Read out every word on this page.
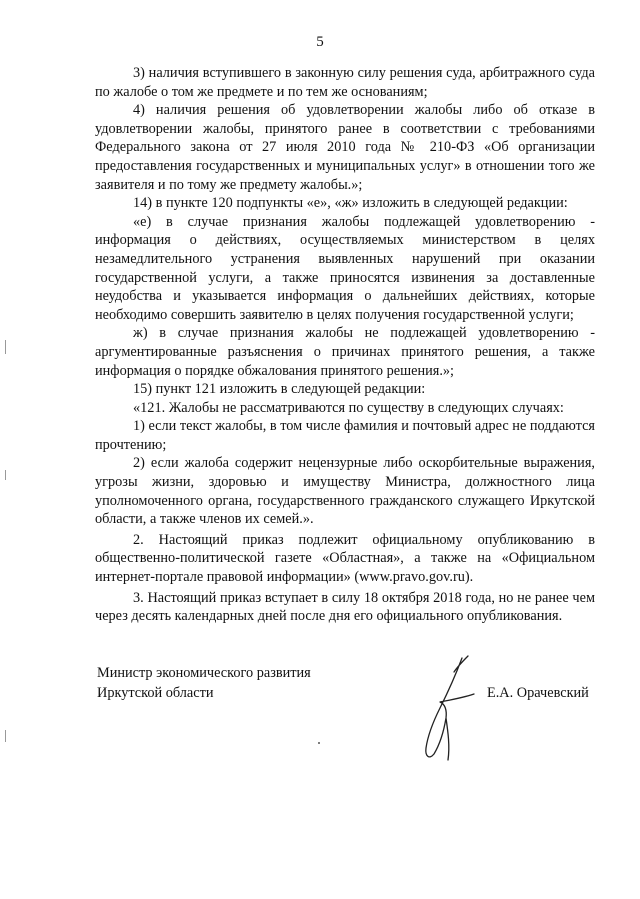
5

3) наличия вступившего в законную силу решения суда, арбитражного суда по жалобе о том же предмете и по тем же основаниям;

4) наличия решения об удовлетворении жалобы либо об отказе в удовлетворении жалобы, принятого ранее в соответствии с требованиями Федерального закона от 27 июля 2010 года № 210-ФЗ «Об организации предоставления государственных и муниципальных услуг» в отношении того же заявителя и по тому же предмету жалобы.»;

14) в пункте 120 подпункты «е», «ж» изложить в следующей редакции:

«е) в случае признания жалобы подлежащей удовлетворению - информация о действиях, осуществляемых министерством в целях незамедлительного устранения выявленных нарушений при оказании государственной услуги, а также приносятся извинения за доставленные неудобства и указывается информация о дальнейших действиях, которые необходимо совершить заявителю в целях получения государственной услуги;

ж) в случае признания жалобы не подлежащей удовлетворению - аргументированные разъяснения о причинах принятого решения, а также информация о порядке обжалования принятого решения.»;

15) пункт 121 изложить в следующей редакции:

«121. Жалобы не рассматриваются по существу в следующих случаях:

1) если текст жалобы, в том числе фамилия и почтовый адрес не поддаются прочтению;

2) если жалоба содержит нецензурные либо оскорбительные выражения, угрозы жизни, здоровью и имуществу Министра, должностного лица уполномоченного органа, государственного гражданского служащего Иркутской области, а также членов их семей.».

2. Настоящий приказ подлежит официальному опубликованию в общественно-политической газете «Областная», а также на «Официальном интернет-портале правовой информации» (www.pravo.gov.ru).

3. Настоящий приказ вступает в силу 18 октября 2018 года, но не ранее чем через десять календарных дней после дня его официального опубликования.

Министр экономического развития
Иркутской области	Е.А. Орачевский
